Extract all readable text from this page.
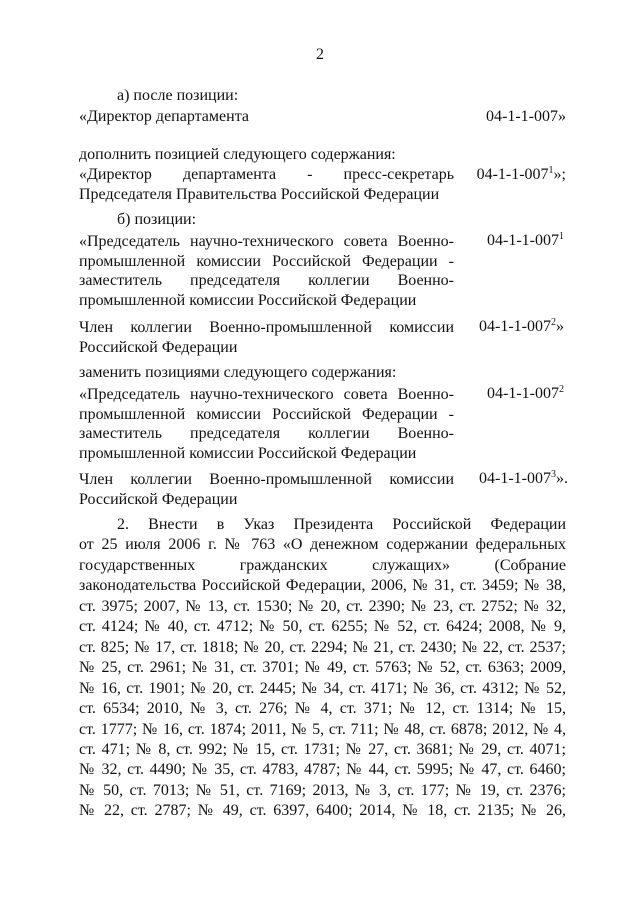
2
а) после позиции:
«Директор департамента	04-1-1-007»
дополнить позицией следующего содержания:
«Директор департамента - пресс-секретарь $04-1-1-007^1$»;
Председателя Правительства Российской Федерации
б) позиции:
«Председатель научно-технического совета Военно-промышленной комиссии Российской Федерации - заместитель председателя коллегии Военно-промышленной комиссии Российской Федерации
$04-1-1-007^1$
Член коллегии Военно-промышленной комиссии Российской Федерации
$04-1-1-007^2$»
заменить позициями следующего содержания:
«Председатель научно-технического совета Военно-промышленной комиссии Российской Федерации - заместитель председателя коллегии Военно-промышленной комиссии Российской Федерации
$04-1-1-007^2$
Член коллегии Военно-промышленной комиссии Российской Федерации
$04-1-1-007^3$».
2. Внести в Указ Президента Российской Федерации
от 25 июля 2006 г. № 763 «О денежном содержании федеральных
государственных гражданских служащих» (Собрание
законодательства Российской Федерации, 2006, № 31, ст. 3459; № 38,
ст. 3975; 2007, № 13, ст. 1530; № 20, ст. 2390; № 23, ст. 2752; № 32,
ст. 4124; № 40, ст. 4712; № 50, ст. 6255; № 52, ст. 6424; 2008, № 9,
ст. 825; № 17, ст. 1818; № 20, ст. 2294; № 21, ст. 2430; № 22, ст. 2537;
№ 25, ст. 2961; № 31, ст. 3701; № 49, ст. 5763; № 52, ст. 6363; 2009,
№ 16, ст. 1901; № 20, ст. 2445; № 34, ст. 4171; № 36, ст. 4312; № 52,
ст. 6534; 2010, № 3, ст. 276; № 4, ст. 371; № 12, ст. 1314; № 15,
ст. 1777; № 16, ст. 1874; 2011, № 5, ст. 711; № 48, ст. 6878; 2012, № 4,
ст. 471; № 8, ст. 992; № 15, ст. 1731; № 27, ст. 3681; № 29, ст. 4071;
№ 32, ст. 4490; № 35, ст. 4783, 4787; № 44, ст. 5995; № 47, ст. 6460;
№ 50, ст. 7013; № 51, ст. 7169; 2013, № 3, ст. 177; № 19, ст. 2376;
№ 22, ст. 2787; № 49, ст. 6397, 6400; 2014, № 18, ст. 2135; № 26,
